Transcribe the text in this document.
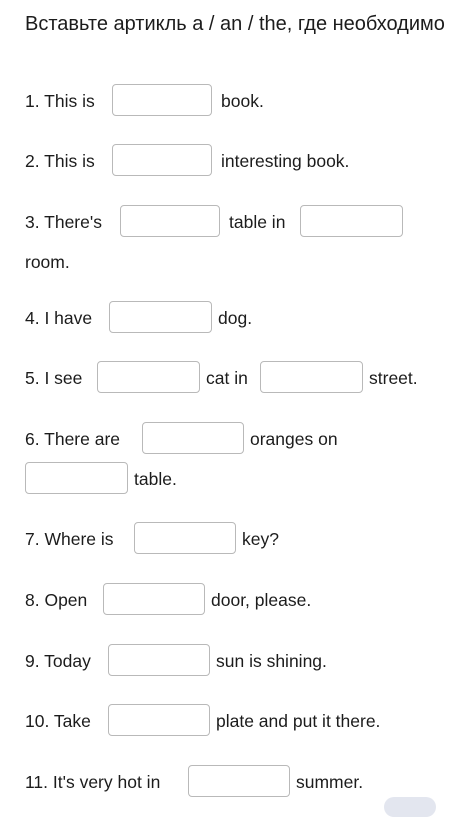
Вставьте артикль a / an / the, где необходимо
1. This is	book.
2. This is	interesting book.
3. There's	table in
room.
4. I have	dog.
5. I see	cat in	street.
6. There are	oranges on
table.
7. Where is	key?
8. Open	door, please.
9. Today	sun is shining.
10. Take	plate and put it there.
11. It's very hot in	summer.
